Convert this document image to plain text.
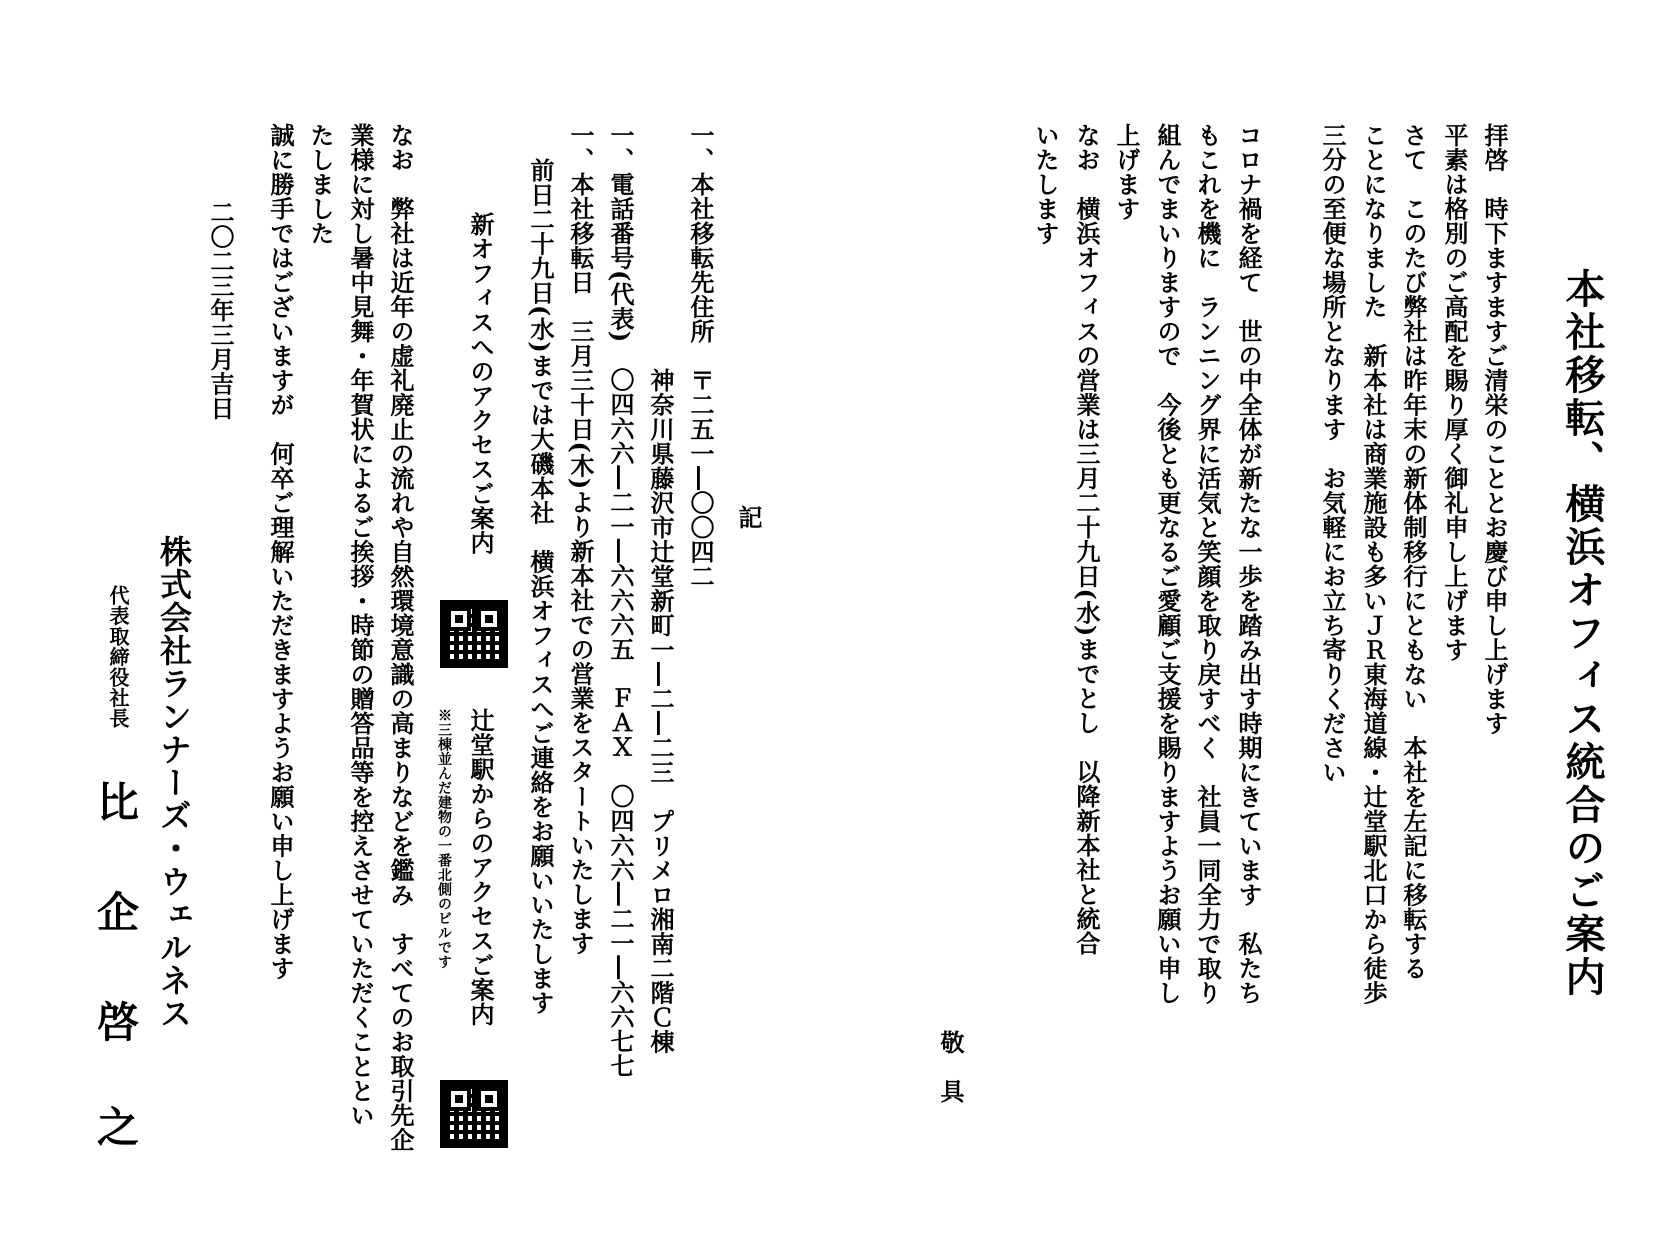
本社移転、横浜オフィス統合のご案内
拝啓　時下ますますご清栄のこととお慶び申し上げます
平素は格別のご高配を賜り厚く御礼申し上げます
さて　このたび弊社は昨年末の新体制移行にともない　本社を左記に移転する
ことになりました　新本社は商業施設も多いＪＲ東海道線・辻堂駅北口から徒歩
三分の至便な場所となります　お気軽にお立ち寄りください
コロナ禍を経て　世の中全体が新たな一歩を踏み出す時期にきています　私たち
もこれを機に　ランニング界に活気と笑顔を取り戻すべく　社員一同全力で取り
組んでまいりますので　今後とも更なるご愛顧ご支援を賜りますようお願い申し
上げます
なお　横浜オフィスの営業は三月二十九日(水)までとし　以降新本社と統合
いたします
敬　具
記
一、本社移転先住所　〒二五一―〇〇四二
神奈川県藤沢市辻堂新町一―二―二三　プリメロ湘南二階Ｃ棟
一、電話番号(代表)　〇四六六―二一―六六六五　ＦＡＸ　〇四六六―二一―六六七七
一、本社移転日　三月三十日(木)より新本社での営業をスタートいたします
前日二十九日(水)までは大磯本社　横浜オフィスへご連絡をお願いいたします
新オフィスへのアクセスご案内
辻堂駅からのアクセスご案内
※三棟並んだ建物の一番北側のビルです
なお　弊社は近年の虚礼廃止の流れや自然環境意識の高まりなどを鑑み　すべてのお取引先企
業様に対し暑中見舞・年賀状によるご挨拶・時節の贈答品等を控えさせていただくこととい
たしました
誠に勝手ではございますが　何卒ご理解いただきますようお願い申し上げます
二〇二三年三月吉日
株式会社ランナーズ・ウェルネス
代表取締役社長
比
企
啓
之
